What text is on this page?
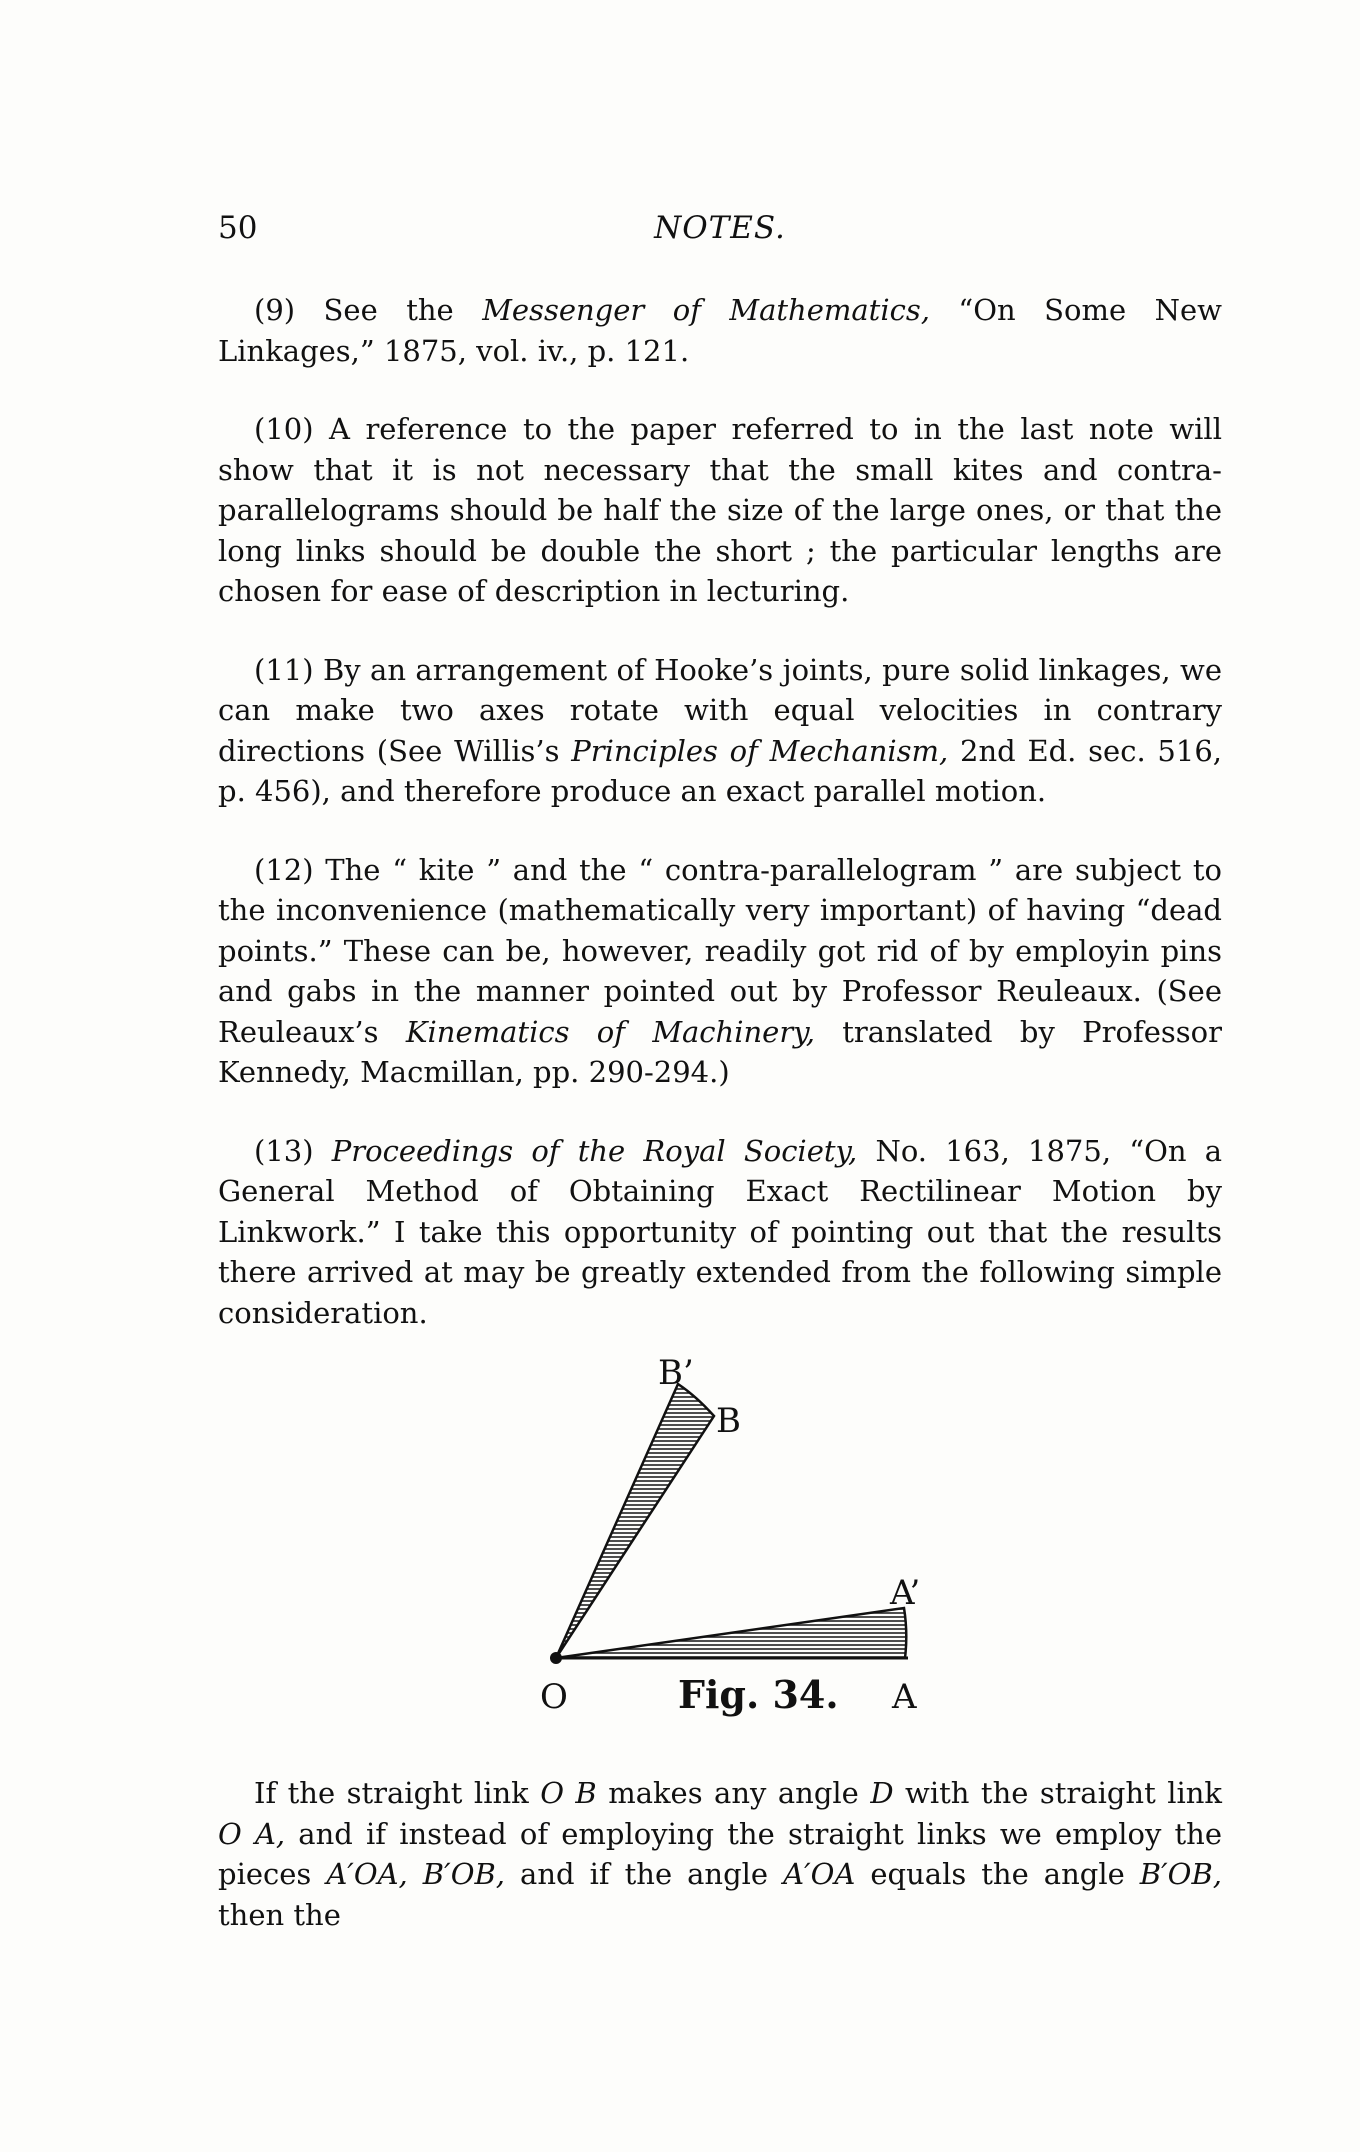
50	NOTES.

(9) See the Messenger of Mathematics, “On Some New Linkages,” 1875, vol. iv., p. 121.

(10) A reference to the paper referred to in the last note will show that it is not necessary that the small kites and contra-parallelograms should be half the size of the large ones, or that the long links should be double the short ; the particular lengths are chosen for ease of description in lecturing.

(11) By an arrangement of Hooke’s joints, pure solid linkages, we can make two axes rotate with equal velocities in contrary directions (See Willis’s Principles of Mechanism, 2nd Ed. sec. 516, p. 456), and therefore produce an exact parallel motion.

(12) The “ kite ” and the “ contra-parallelogram ” are subject to the inconvenience (mathematically very important) of having “dead points.” These can be, however, readily got rid of by employin pins and gabs in the manner pointed out by Professor Reuleaux. (See Reuleaux’s Kinematics of Machinery, translated by Professor Kennedy, Macmillan, pp. 290-294.)

(13) Proceedings of the Royal Society, No. 163, 1875, “On a General Method of Obtaining Exact Rectilinear Motion by Linkwork.” I take this opportunity of pointing out that the results there arrived at may be greatly extended from the following simple consideration.

B’
B
A’
O	Fig. 34. A

If the straight link O B makes any angle D with the straight link O A, and if instead of employing the straight links we employ the pieces A′OA, B′OB, and if the angle A′OA equals the angle B′OB, then the
